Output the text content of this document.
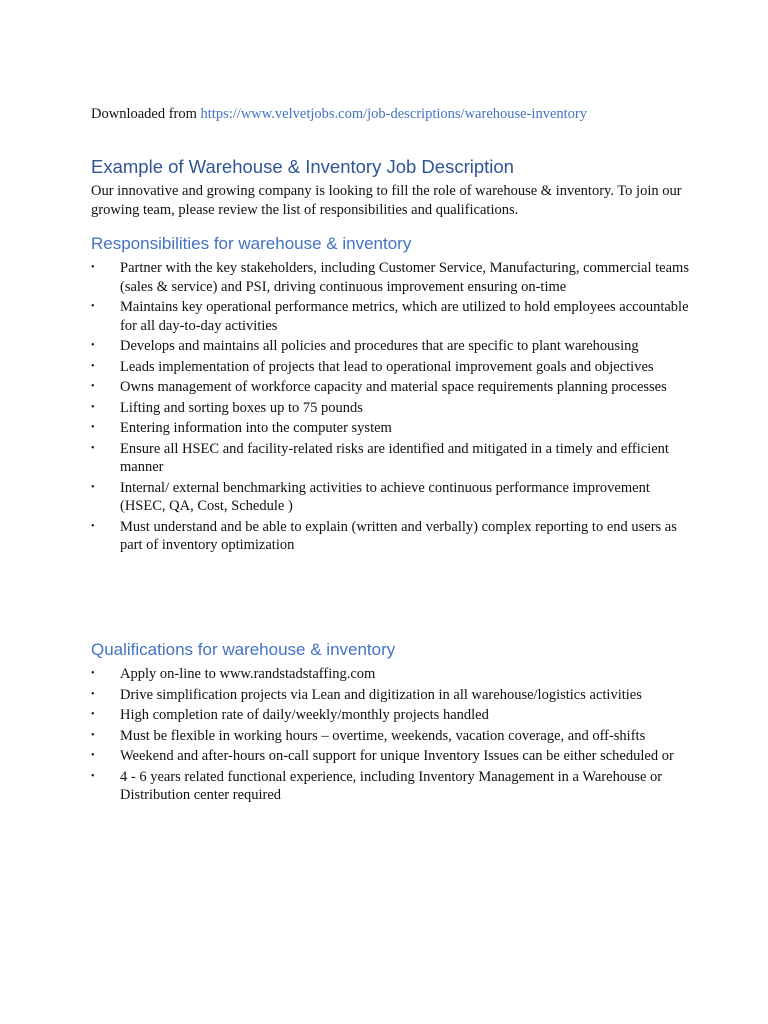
Downloaded from https://www.velvetjobs.com/job-descriptions/warehouse-inventory
Example of Warehouse & Inventory Job Description

Our innovative and growing company is looking to fill the role of warehouse & inventory. To join our growing team, please review the list of responsibilities and qualifications.

Responsibilities for warehouse & inventory
•	Partner with the key stakeholders, including Customer Service, Manufacturing, commercial teams (sales & service) and PSI, driving continuous improvement ensuring on-time
•	Maintains key operational performance metrics, which are utilized to hold employees accountable for all day-to-day activities
•	Develops and maintains all policies and procedures that are specific to plant warehousing
•	Leads implementation of projects that lead to operational improvement goals and objectives
•	Owns management of workforce capacity and material space requirements planning processes
•	Lifting and sorting boxes up to 75 pounds
•	Entering information into the computer system
•	Ensure all HSEC and facility-related risks are identified and mitigated in a timely and efficient manner
•	Internal/ external benchmarking activities to achieve continuous performance improvement (HSEC, QA, Cost, Schedule )
•	Must understand and be able to explain (written and verbally) complex reporting to end users as part of inventory optimization
Qualifications for warehouse & inventory
•	Apply on-line to www.randstadstaffing.com
•	Drive simplification projects via Lean and digitization in all warehouse/logistics activities
•	High completion rate of daily/weekly/monthly projects handled
•	Must be flexible in working hours – overtime, weekends, vacation coverage, and off-shifts
•	Weekend and after-hours on-call support for unique Inventory Issues can be either scheduled or
•	4 - 6 years related functional experience, including Inventory Management in a Warehouse or Distribution center required
